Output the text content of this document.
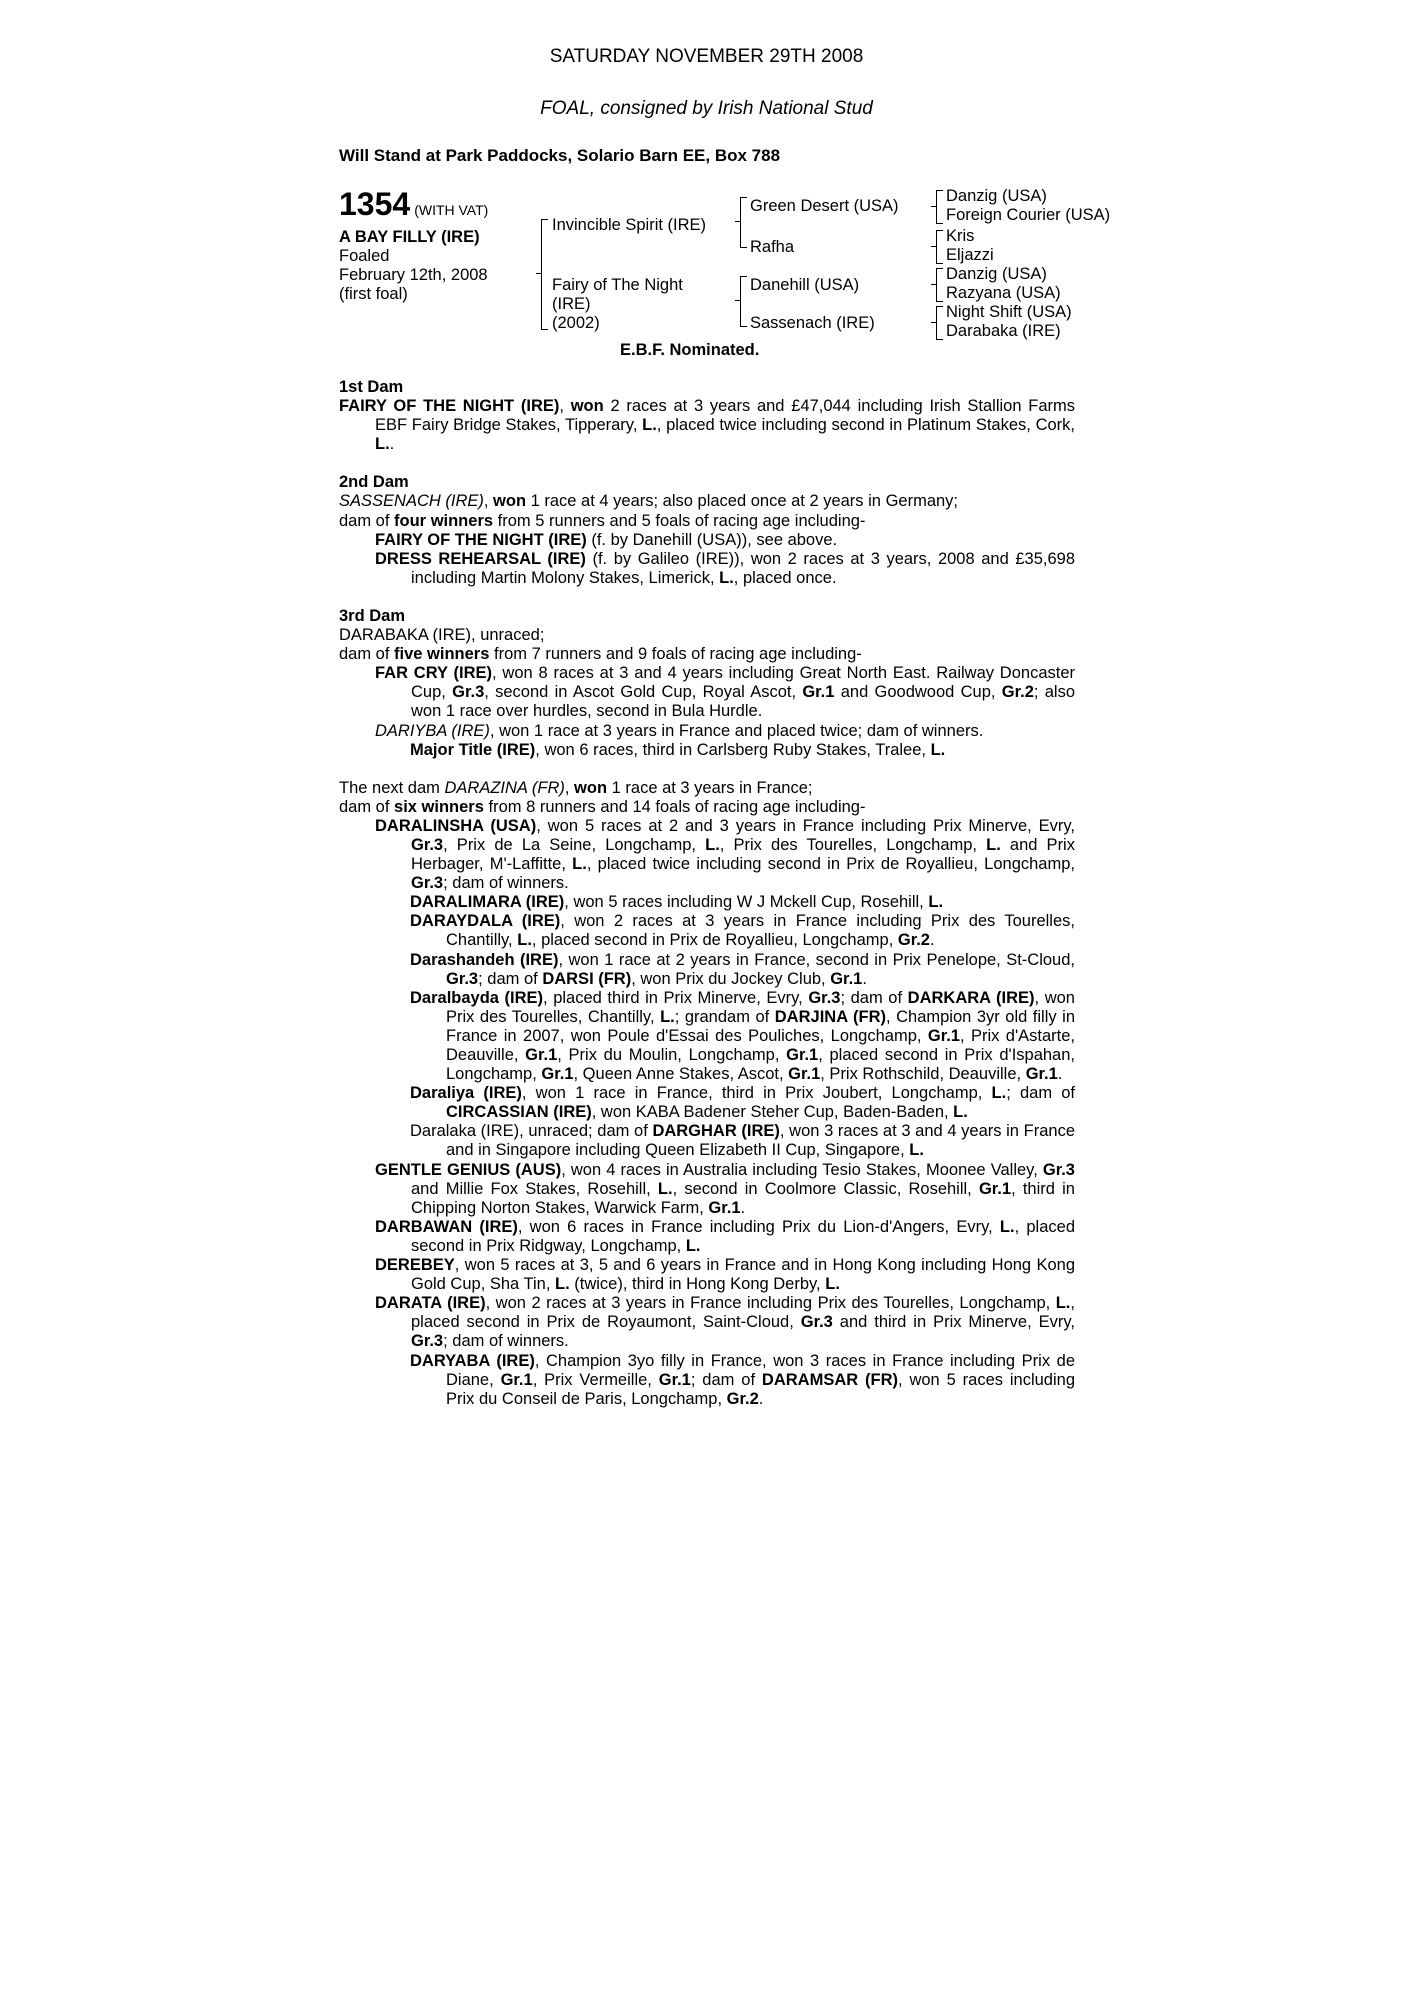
SATURDAY NOVEMBER 29TH 2008
FOAL, consigned by Irish National Stud
Will Stand at Park Paddocks, Solario Barn EE, Box 788
1354 (WITH VAT)
A BAY FILLY (IRE)
Foaled
February 12th, 2008
(first foal)
Invincible Spirit (IRE)
Fairy of The Night
(IRE)
(2002)
Green Desert (USA)
Rafha
Danehill (USA)
Sassenach (IRE)
Danzig (USA)
Foreign Courier (USA)
Kris
Eljazzi
Danzig (USA)
Razyana (USA)
Night Shift (USA)
Darabaka (IRE)
E.B.F. Nominated.
1st Dam
FAIRY OF THE NIGHT (IRE), won 2 races at 3 years and £47,044 including Irish Stallion Farms EBF Fairy Bridge Stakes, Tipperary, L., placed twice including second in Platinum Stakes, Cork, L..
2nd Dam
SASSENACH (IRE), won 1 race at 4 years; also placed once at 2 years in Germany;
dam of four winners from 5 runners and 5 foals of racing age including-
FAIRY OF THE NIGHT (IRE) (f. by Danehill (USA)), see above.
DRESS REHEARSAL (IRE) (f. by Galileo (IRE)), won 2 races at 3 years, 2008 and £35,698 including Martin Molony Stakes, Limerick, L., placed once.
3rd Dam
DARABAKA (IRE), unraced;
dam of five winners from 7 runners and 9 foals of racing age including-
FAR CRY (IRE), won 8 races at 3 and 4 years including Great North East. Railway Doncaster Cup, Gr.3, second in Ascot Gold Cup, Royal Ascot, Gr.1 and Goodwood Cup, Gr.2; also won 1 race over hurdles, second in Bula Hurdle.
DARIYBA (IRE), won 1 race at 3 years in France and placed twice; dam of winners.
Major Title (IRE), won 6 races, third in Carlsberg Ruby Stakes, Tralee, L.
The next dam DARAZINA (FR), won 1 race at 3 years in France;
dam of six winners from 8 runners and 14 foals of racing age including-
DARALINSHA (USA), won 5 races at 2 and 3 years in France including Prix Minerve, Evry, Gr.3, Prix de La Seine, Longchamp, L., Prix des Tourelles, Longchamp, L. and Prix Herbager, M'-Laffitte, L., placed twice including second in Prix de Royallieu, Longchamp, Gr.3; dam of winners.
DARALIMARA (IRE), won 5 races including W J Mckell Cup, Rosehill, L.
DARAYDALA (IRE), won 2 races at 3 years in France including Prix des Tourelles, Chantilly, L., placed second in Prix de Royallieu, Longchamp, Gr.2.
Darashandeh (IRE), won 1 race at 2 years in France, second in Prix Penelope, St-Cloud, Gr.3; dam of DARSI (FR), won Prix du Jockey Club, Gr.1.
Daralbayda (IRE), placed third in Prix Minerve, Evry, Gr.3; dam of DARKARA (IRE), won Prix des Tourelles, Chantilly, L.; grandam of DARJINA (FR), Champion 3yr old filly in France in 2007, won Poule d'Essai des Pouliches, Longchamp, Gr.1, Prix d'Astarte, Deauville, Gr.1, Prix du Moulin, Longchamp, Gr.1, placed second in Prix d'Ispahan, Longchamp, Gr.1, Queen Anne Stakes, Ascot, Gr.1, Prix Rothschild, Deauville, Gr.1.
Daraliya (IRE), won 1 race in France, third in Prix Joubert, Longchamp, L.; dam of CIRCASSIAN (IRE), won KABA Badener Steher Cup, Baden-Baden, L.
Daralaka (IRE), unraced; dam of DARGHAR (IRE), won 3 races at 3 and 4 years in France and in Singapore including Queen Elizabeth II Cup, Singapore, L.
GENTLE GENIUS (AUS), won 4 races in Australia including Tesio Stakes, Moonee Valley, Gr.3 and Millie Fox Stakes, Rosehill, L., second in Coolmore Classic, Rosehill, Gr.1, third in Chipping Norton Stakes, Warwick Farm, Gr.1.
DARBAWAN (IRE), won 6 races in France including Prix du Lion-d'Angers, Evry, L., placed second in Prix Ridgway, Longchamp, L.
DEREBEY, won 5 races at 3, 5 and 6 years in France and in Hong Kong including Hong Kong Gold Cup, Sha Tin, L. (twice), third in Hong Kong Derby, L.
DARATA (IRE), won 2 races at 3 years in France including Prix des Tourelles, Longchamp, L., placed second in Prix de Royaumont, Saint-Cloud, Gr.3 and third in Prix Minerve, Evry, Gr.3; dam of winners.
DARYABA (IRE), Champion 3yo filly in France, won 3 races in France including Prix de Diane, Gr.1, Prix Vermeille, Gr.1; dam of DARAMSAR (FR), won 5 races including Prix du Conseil de Paris, Longchamp, Gr.2.
